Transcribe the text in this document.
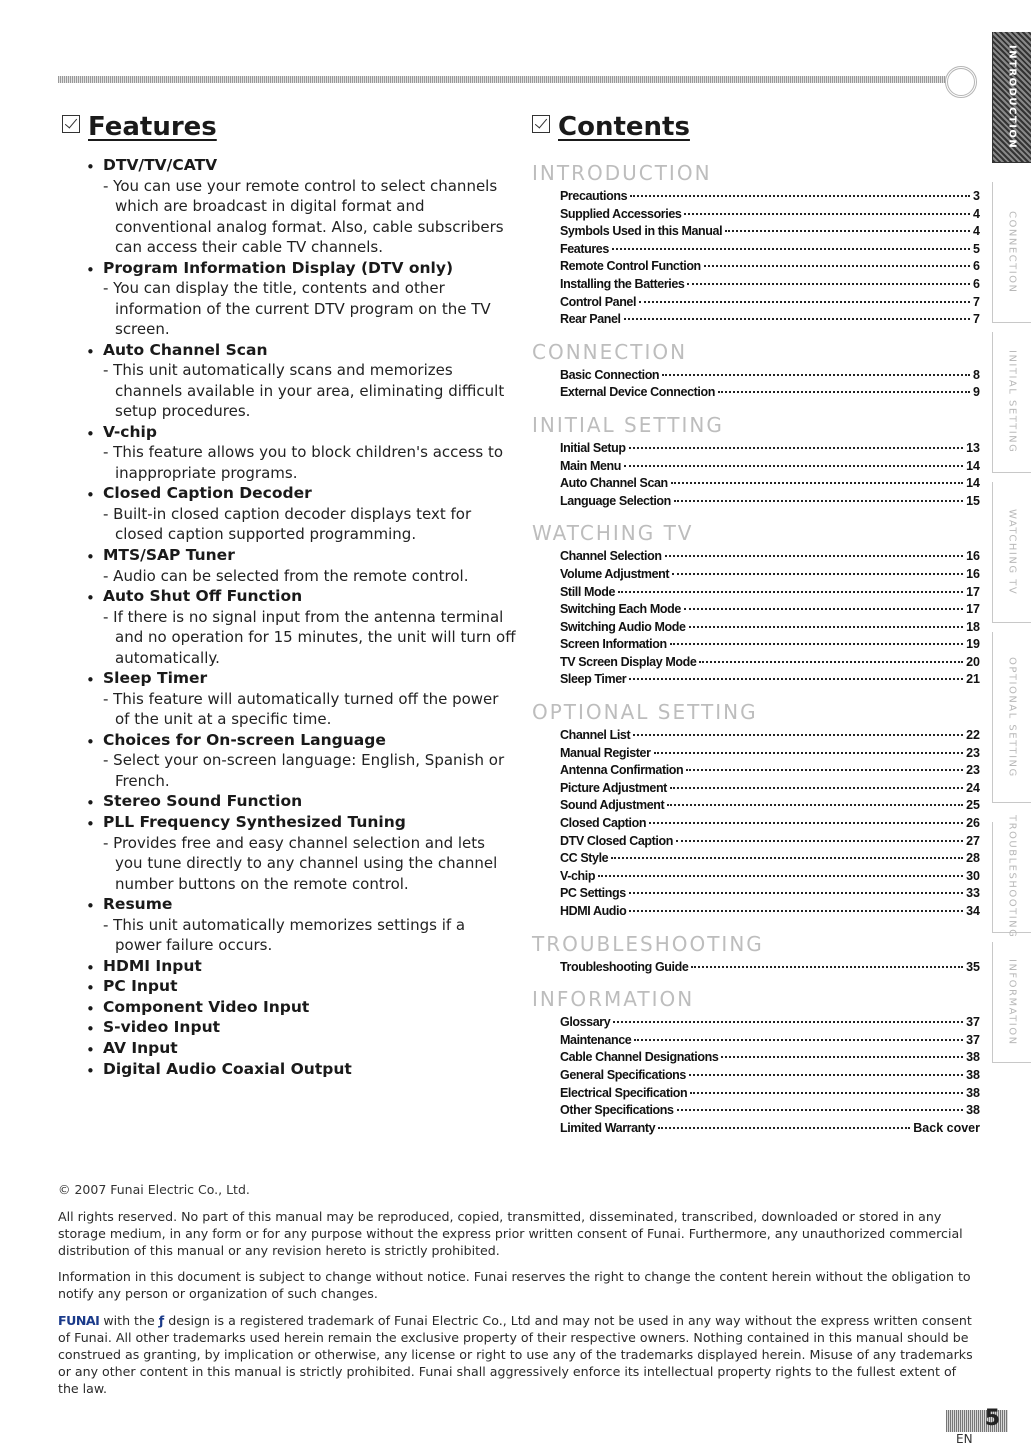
Features
• DTV/TV/CATV
- You can use your remote control to select channels which are broadcast in digital format and conventional analog format. Also, cable subscribers can access their cable TV channels.
• Program Information Display (DTV only)
- You can display the title, contents and other information of the current DTV program on the TV screen.
• Auto Channel Scan
- This unit automatically scans and memorizes channels available in your area, eliminating difficult setup procedures.
• V-chip
- This feature allows you to block children's access to inappropriate programs.
• Closed Caption Decoder
- Built-in closed caption decoder displays text for closed caption supported programming.
• MTS/SAP Tuner
- Audio can be selected from the remote control.
• Auto Shut Off Function
- If there is no signal input from the antenna terminal and no operation for 15 minutes, the unit will turn off automatically.
• Sleep Timer
- This feature will automatically turned off the power of the unit at a specific time.
• Choices for On-screen Language
- Select your on-screen language: English, Spanish or French.
• Stereo Sound Function
• PLL Frequency Synthesized Tuning
- Provides free and easy channel selection and lets you tune directly to any channel using the channel number buttons on the remote control.
• Resume
- This unit automatically memorizes settings if a power failure occurs.
• HDMI Input
• PC Input
• Component Video Input
• S-video Input
• AV Input
• Digital Audio Coaxial Output
Contents
INTRODUCTION
Precautions	3
Supplied Accessories	4
Symbols Used in this Manual	4
Features	5
Remote Control Function	6
Installing the Batteries	6
Control Panel	7
Rear Panel	7
CONNECTION
Basic Connection	8
External Device Connection	9
INITIAL SETTING
Initial Setup	13
Main Menu	14
Auto Channel Scan	14
Language Selection	15
WATCHING TV
Channel Selection	16
Volume Adjustment	16
Still Mode	17
Switching Each Mode	17
Switching Audio Mode	18
Screen Information	19
TV Screen Display Mode	20
Sleep Timer	21
OPTIONAL SETTING
Channel List	22
Manual Register	23
Antenna Confirmation	23
Picture Adjustment	24
Sound Adjustment	25
Closed Caption	26
DTV Closed Caption	27
CC Style	28
V-chip	30
PC Settings	33
HDMI Audio	34
TROUBLESHOOTING
Troubleshooting Guide	35
INFORMATION
Glossary	37
Maintenance	37
Cable Channel Designations	38
General Specifications	38
Electrical Specification	38
Other Specifications	38
Limited Warranty	Back cover
INTRODUCTION
CONNECTION
INITIAL SETTING
WATCHING TV
OPTIONAL SETTING
TROUBLESHOOTING
INFORMATION
© 2007 Funai Electric Co., Ltd.

All rights reserved. No part of this manual may be reproduced, copied, transmitted, disseminated, transcribed, downloaded or stored in any storage medium, in any form or for any purpose without the express prior written consent of Funai. Furthermore, any unauthorized commercial distribution of this manual or any revision hereto is strictly prohibited.

Information in this document is subject to change without notice. Funai reserves the right to change the content herein without the obligation to notify any person or organization of such changes.

FUNAI with the ƒ design is a registered trademark of Funai Electric Co., Ltd and may not be used in any way without the express written consent of Funai. All other trademarks used herein remain the exclusive property of their respective owners. Nothing contained in this manual should be construed as granting, by implication or otherwise, any license or right to use any of the trademarks displayed herein. Misuse of any trademarks or any other content in this manual is strictly prohibited. Funai shall aggressively enforce its intellectual property rights to the fullest extent of the law.

5
EN
